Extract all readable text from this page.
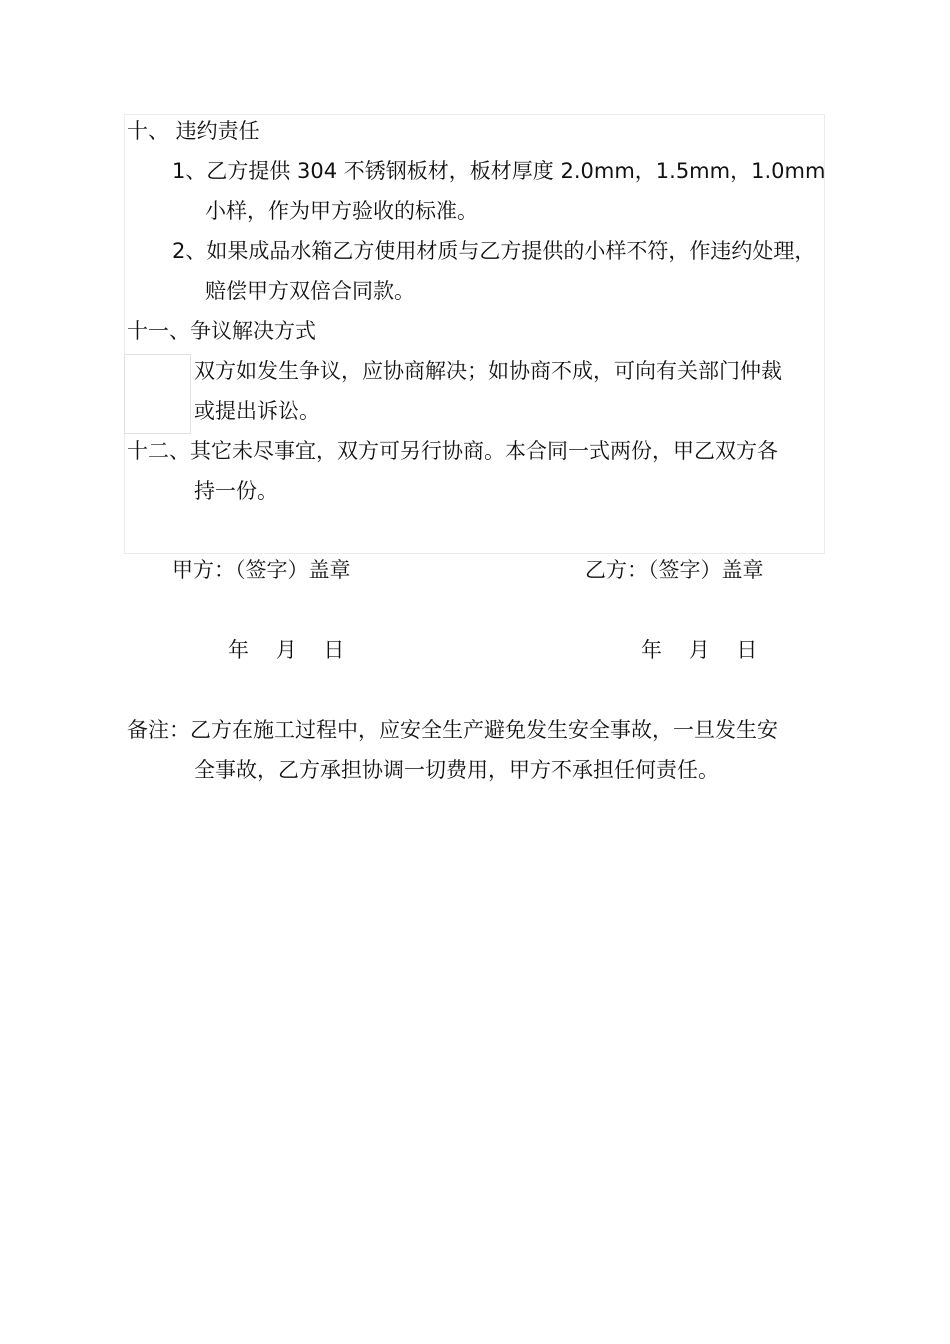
十、 违约责任
1、乙方提供 304 不锈钢板材，板材厚度 2.0mm，1.5mm，1.0mm
小样，作为甲方验收的标准。
2、如果成品水箱乙方使用材质与乙方提供的小样不符，作违约处理，
赔偿甲方双倍合同款。
十一、争议解决方式
双方如发生争议，应协商解决；如协商不成，可向有关部门仲裁
或提出诉讼。
十二、其它未尽事宜，双方可另行协商。本合同一式两份，甲乙双方各
持一份。
甲方：（签字）盖章	乙方：（签字）盖章
年    月    日	年    月    日
备注：乙方在施工过程中，应安全生产避免发生安全事故，一旦发生安
全事故，乙方承担协调一切费用，甲方不承担任何责任。
